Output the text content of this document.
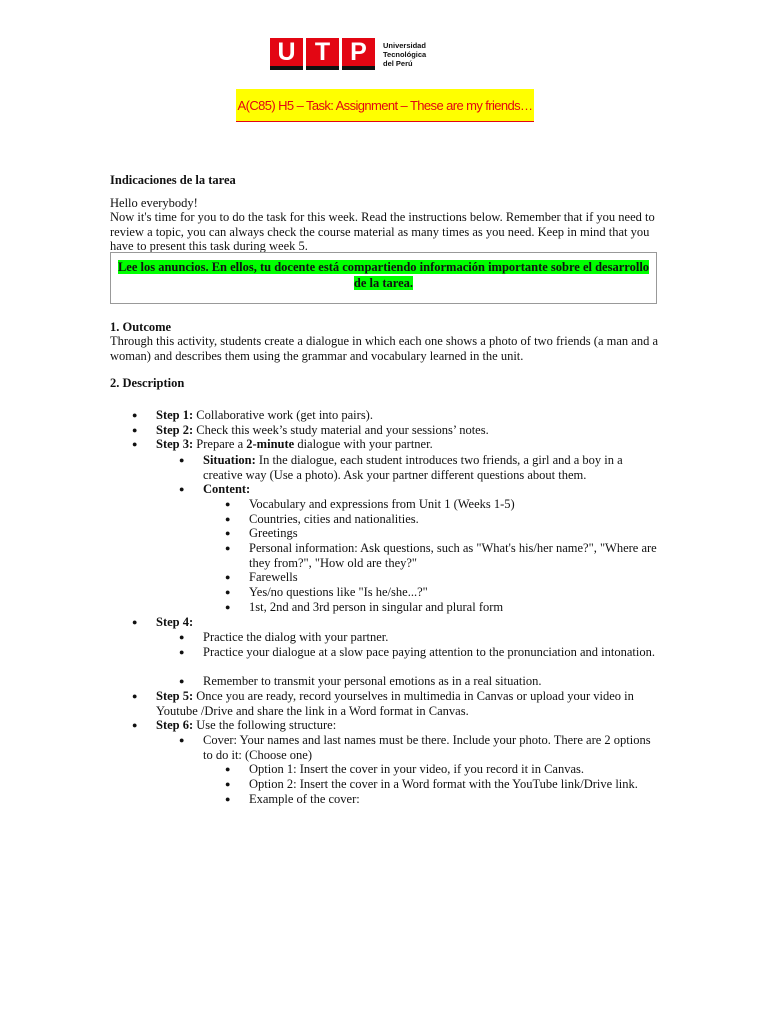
U T P	Universidad
Tecnológica
del Perú
A(C85) H5 – Task: Assignment – These are my friends…
Indicaciones de la tarea
Hello everybody!
Now it's time for you to do the task for this week. Read the instructions below. Remember that if you need to review a topic, you can always check the course material as many times as you need. Keep in mind that you have to present this task during week 5.
Lee los anuncios. En ellos, tu docente está compartiendo información importante sobre el desarrollo de la tarea.
1. Outcome
Through this activity, students create a dialogue in which each one shows a photo of two friends (a man and a woman) and describes them using the grammar and vocabulary learned in the unit.
2. Description
● Step 1: Collaborative work (get into pairs).
● Step 2: Check this week’s study material and your sessions’ notes.
● Step 3: Prepare a 2-minute dialogue with your partner.
● Situation: In the dialogue, each student introduces two friends, a girl and a boy in a creative way (Use a photo). Ask your partner different questions about them.
● Content:
● Vocabulary and expressions from Unit 1 (Weeks 1-5)
● Countries, cities and nationalities.
● Greetings
● Personal information: Ask questions, such as "What's his/her name?", "Where are they from?", "How old are they?"
● Farewells
● Yes/no questions like "Is he/she...?"
● 1st, 2nd and 3rd person in singular and plural form
● Step 4:
● Practice the dialog with your partner.
● Practice your dialogue at a slow pace paying attention to the pronunciation and intonation.
● Remember to transmit your personal emotions as in a real situation.
● Step 5: Once you are ready, record yourselves in multimedia in Canvas or upload your video in Youtube /Drive and share the link in a Word format in Canvas.
● Step 6: Use the following structure:
● Cover: Your names and last names must be there. Include your photo. There are 2 options to do it: (Choose one)
● Option 1: Insert the cover in your video, if you record it in Canvas.
● Option 2: Insert the cover in a Word format with the YouTube link/Drive link.
● Example of the cover:
